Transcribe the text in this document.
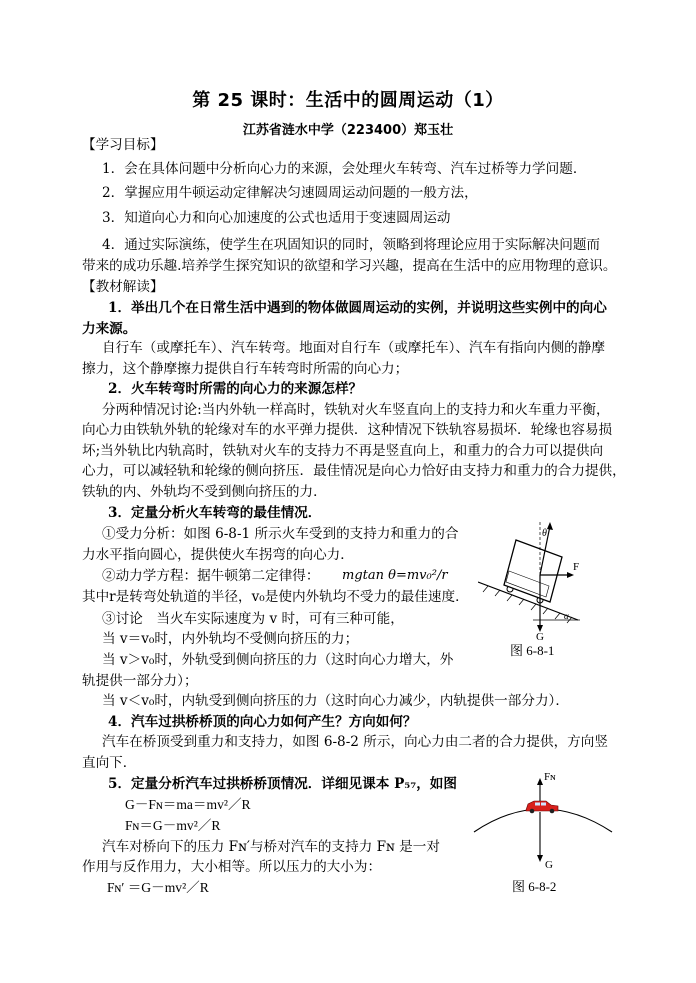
第 25 课时：生活中的圆周运动（1）
江苏省涟水中学（223400）郑玉壮
【学习目标】
1．会在具体问题中分析向心力的来源，会处理火车转弯、汽车过桥等力学问题．
2．掌握应用牛顿运动定律解决匀速圆周运动问题的一般方法，
3．知道向心力和向心加速度的公式也适用于变速圆周运动
4．通过实际演练，使学生在巩固知识的同时，领略到将理论应用于实际解决问题而
带来的成功乐趣.培养学生探究知识的欲望和学习兴趣，提高在生活中的应用物理的意识。
【教材解读】
1．举出几个在日常生活中遇到的物体做圆周运动的实例，并说明这些实例中的向心
力来源。
自行车（或摩托车）、汽车转弯。地面对自行车（或摩托车）、汽车有指向内侧的静摩
擦力，这个静摩擦力提供自行车转弯时所需的向心力；
2．火车转弯时所需的向心力的来源怎样？
分两种情况讨论:当内外轨一样高时，铁轨对火车竖直向上的支持力和火车重力平衡，
向心力由铁轨外轨的轮缘对车的水平弹力提供．这种情况下铁轨容易损坏．轮缘也容易损
坏;当外轨比内轨高时，铁轨对火车的支持力不再是竖直向上，和重力的合力可以提供向
心力，可以减轻轨和轮缘的侧向挤压．最佳情况是向心力恰好由支持力和重力的合力提供，
铁轨的内、外轨均不受到侧向挤压的力．
3．定量分析火车转弯的最佳情况．
①受力分析：如图 6-8-1 所示火车受到的支持力和重力的合
力水平指向圆心，提供使火车拐弯的向心力．
②动力学方程：据牛顿第二定律得： mgtan θ=mv₀²/r
其中r是转弯处轨道的半径，v₀是使内外轨均不受力的最佳速度．
③讨论　当火车实际速度为 v 时，可有三种可能，
当 v＝v₀时，内外轨均不受侧向挤压的力；
当 v＞v₀时，外轨受到侧向挤压的力（这时向心力增大，外
轨提供一部分力）；
当 v＜v₀时，内轨受到侧向挤压的力（这时向心力减少，内轨提供一部分力）．
4．汽车过拱桥桥顶的向心力如何产生？方向如何？
汽车在桥顶受到重力和支持力，如图 6-8-2 所示，向心力由二者的合力提供，方向竖
直向下．
5．定量分析汽车过拱桥桥顶情况．详细见课本 P₅₇，如图
G－Fɴ＝ma＝mv²／R
Fɴ＝G－mv²／R
汽车对桥向下的压力 Fɴ′与桥对汽车的支持力 Fɴ 是一对
作用与反作用力，大小相等。所以压力的大小为：
Fɴ′ ＝G－mv²／R
θ
F
G
α
图 6-8-1
Fɴ
G
图 6-8-2
